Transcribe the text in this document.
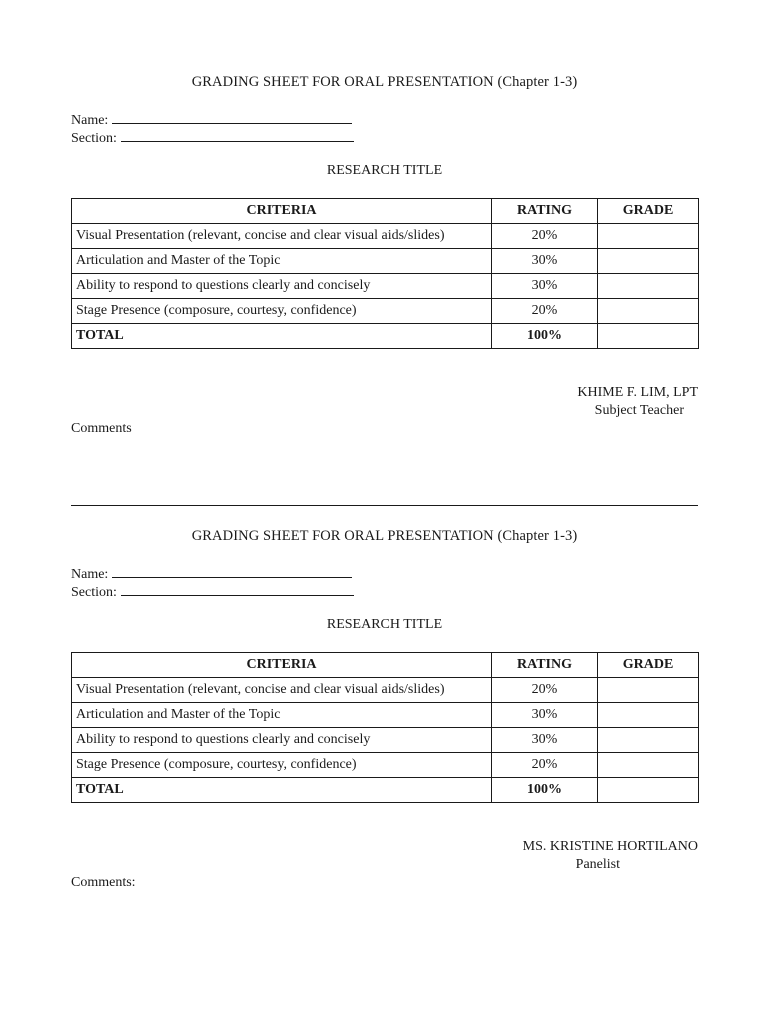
GRADING SHEET FOR ORAL PRESENTATION (Chapter 1-3)
Name:
Section:
RESEARCH TITLE
CRITERIA	RATING	GRADE
Visual Presentation (relevant, concise and clear visual aids/slides)	20%	
Articulation and Master of the Topic	30%	
Ability to respond to questions clearly and concisely	30%	
Stage Presence (composure, courtesy, confidence)	20%	
TOTAL	100%	
KHIME F. LIM, LPT
Subject Teacher
Comments
GRADING SHEET FOR ORAL PRESENTATION (Chapter 1-3)
Name:
Section:
RESEARCH TITLE
CRITERIA	RATING	GRADE
Visual Presentation (relevant, concise and clear visual aids/slides)	20%	
Articulation and Master of the Topic	30%	
Ability to respond to questions clearly and concisely	30%	
Stage Presence (composure, courtesy, confidence)	20%	
TOTAL	100%	
MS. KRISTINE HORTILANO
Panelist
Comments:
